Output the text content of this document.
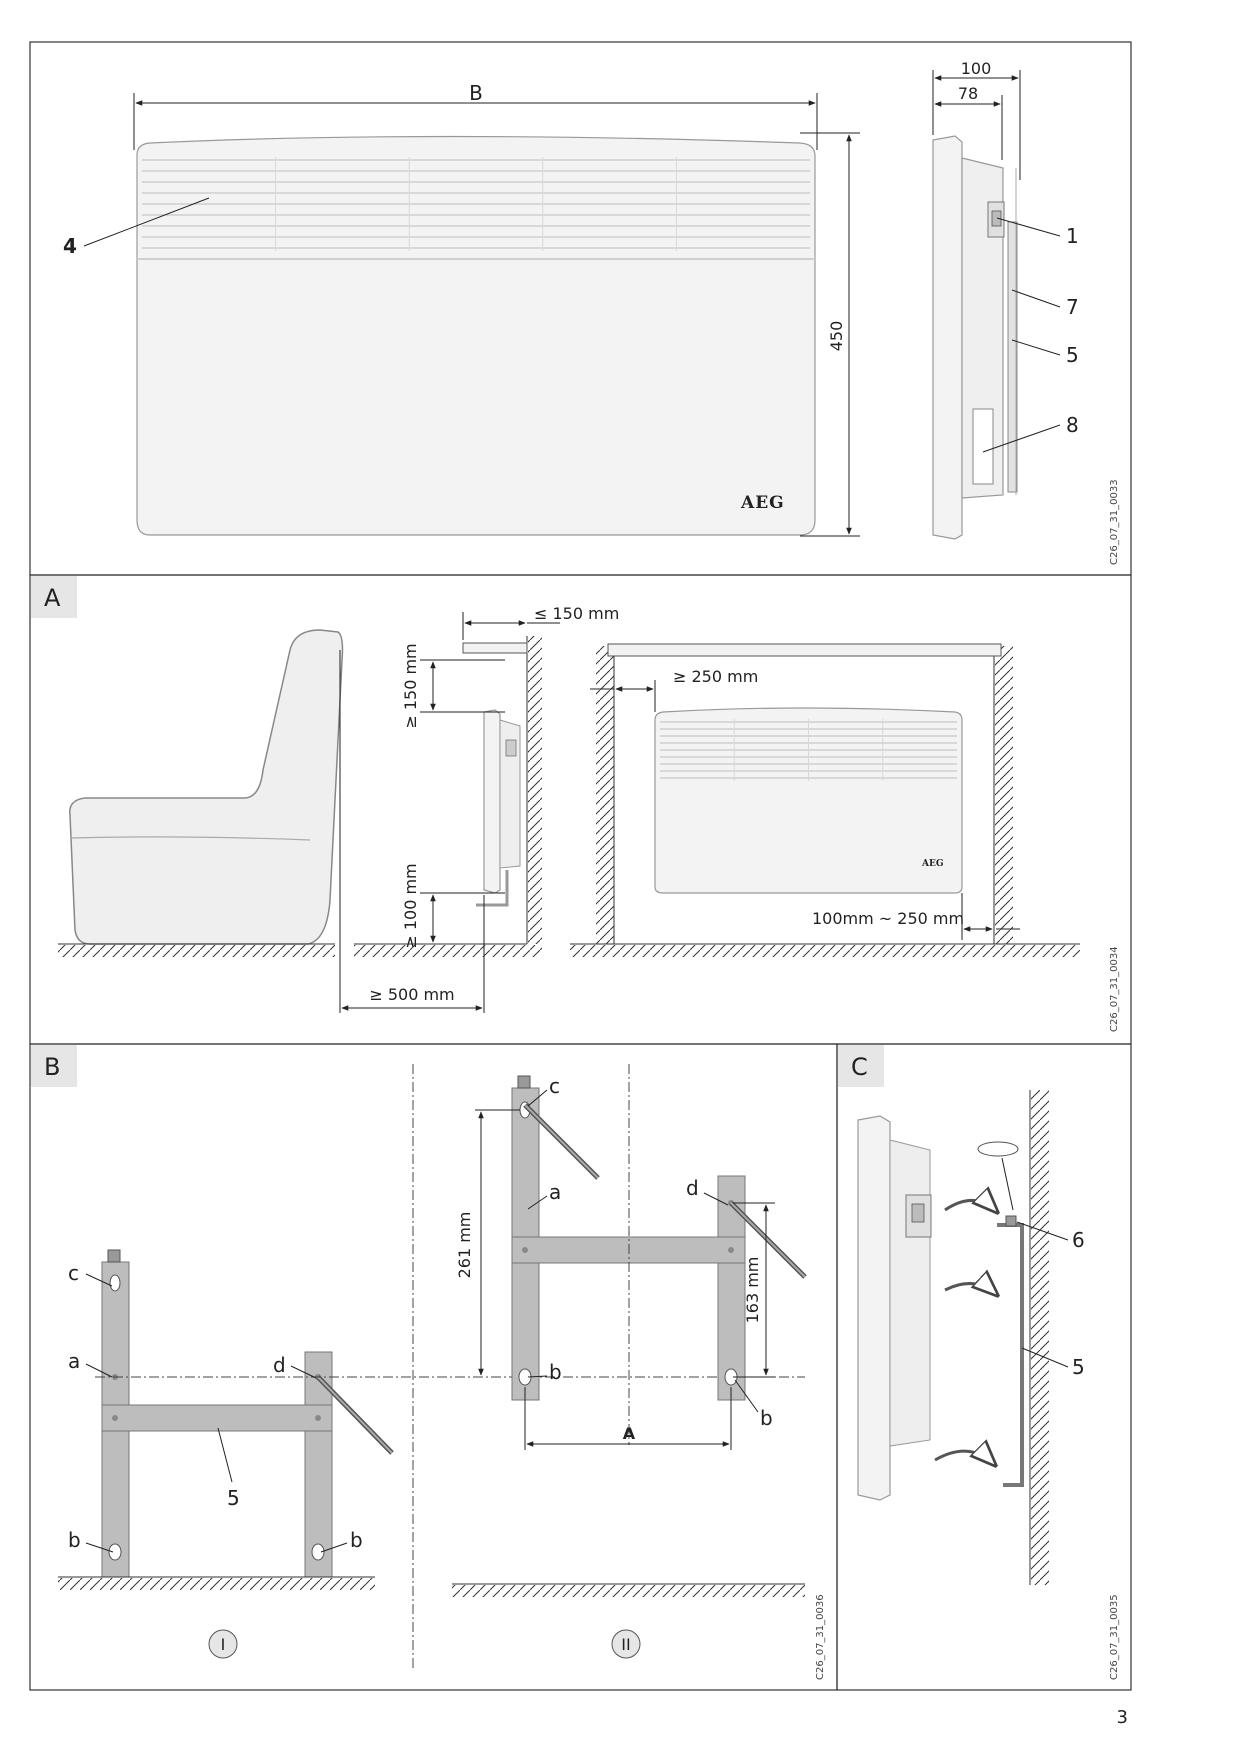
AEG
B
450
4
100
78
1
7
5
8
C26_07_31_0033
A
≤ 150 mm
≥ 150 mm
≥ 100 mm
≥ 500 mm
AEG
≥ 250 mm
100mm ~ 250 mm
C26_07_31_0034
B
c
a	d
b	b
5
I
261 mm
163 mm
A
c
a	d
b
b
II	C26_07_31_0036
C
6
5
C26_07_31_0035
3
